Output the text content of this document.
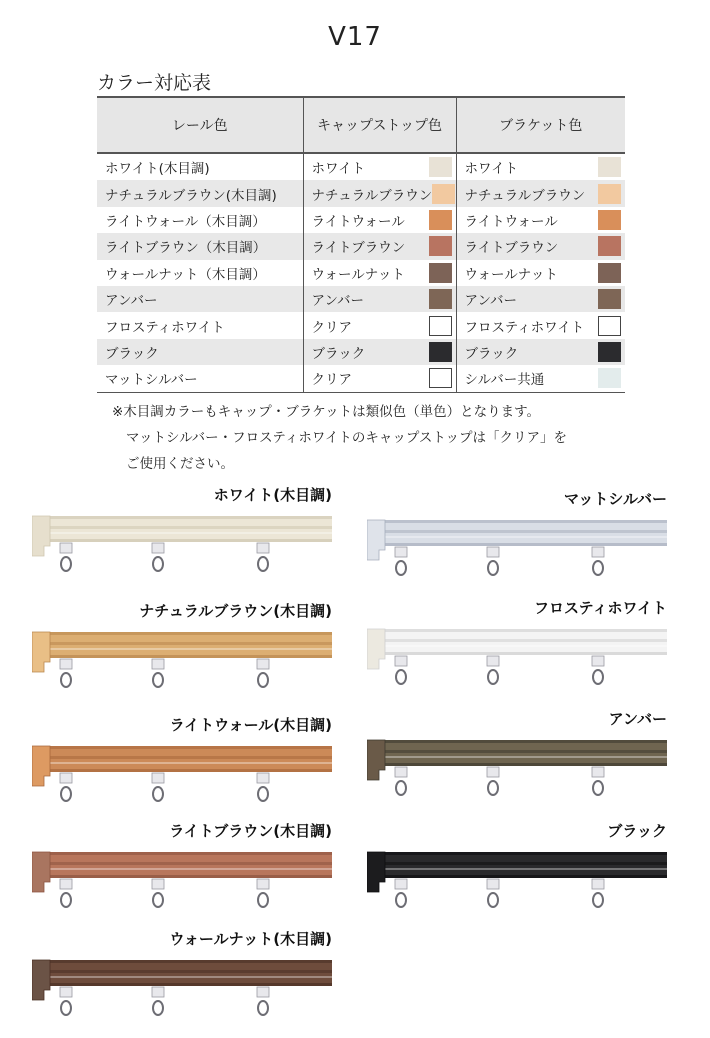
V17
カラー対応表
レール色	キャップストップ色	ブラケット色

ホワイト(木目調)	ホワイト	ホワイト

ナチュラルブラウン(木目調)	ナチュラルブラウン	ナチュラルブラウン

ライトウォール（木目調）	ライトウォール	ライトウォール

ライトブラウン（木目調）	ライトブラウン	ライトブラウン

ウォールナット（木目調）	ウォールナット	ウォールナット

アンバー	アンバー	アンバー

フロスティホワイト	クリア	フロスティホワイト

ブラック	ブラック	ブラック

マットシルバー	クリア	シルバー共通

※木目調カラーもキャップ・ブラケットは類似色（単色）となります。

マットシルバー・フロスティホワイトのキャップストップは「クリア」を

ご使用ください。

ホワイト(木目調)	マットシルバー
ナチュラルブラウン(木目調)	フロスティホワイト
ライトウォール(木目調)	アンバー
ライトブラウン(木目調)	ブラック
ウォールナット(木目調)
